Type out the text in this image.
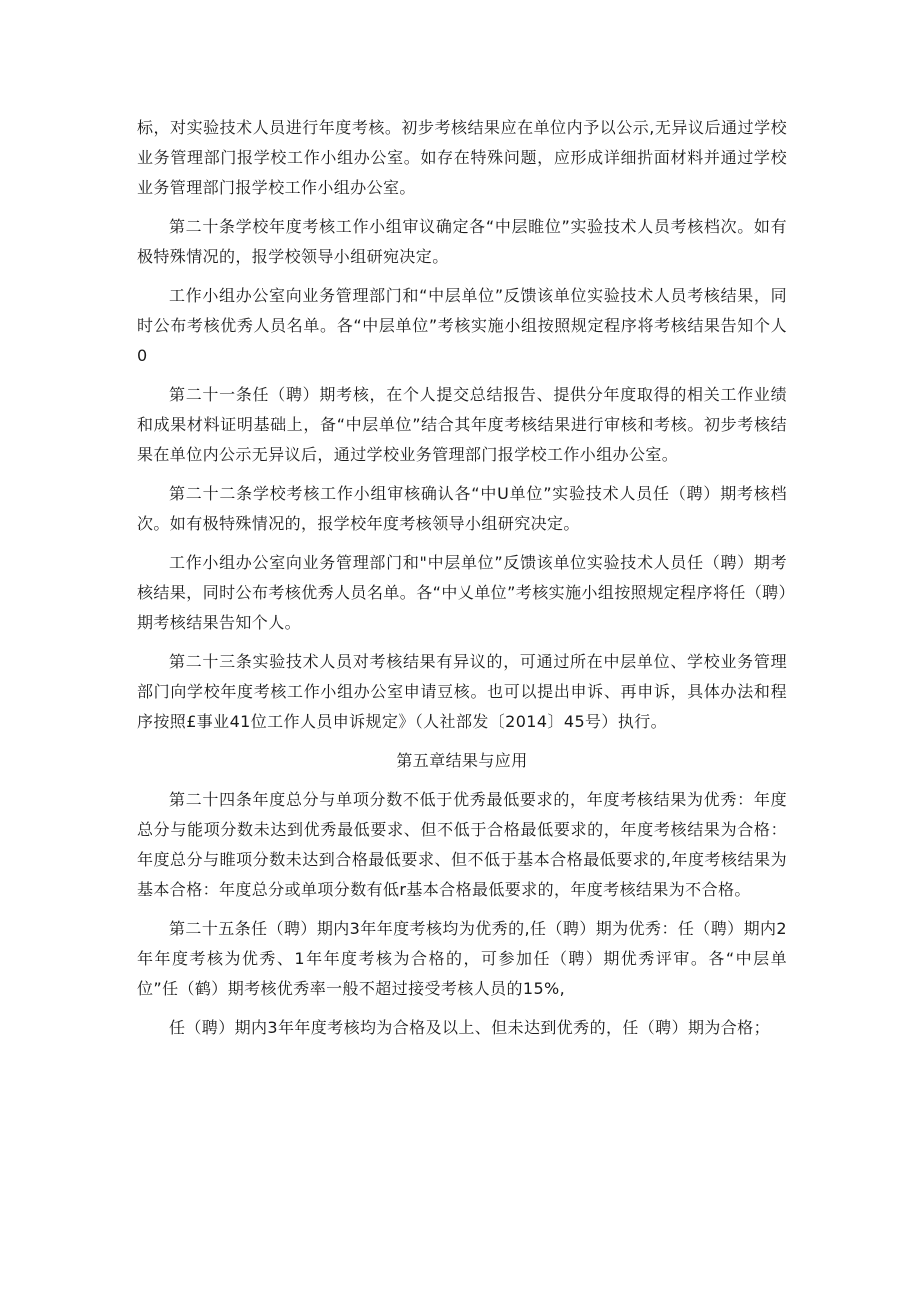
标，对实验技术人员进行年度考核。初步考核结果应在单位内予以公示,无异议后通过学校业务管理部门报学校工作小组办公室。如存在特殊问题，应形成详细扸面材料并通过学校业务管理部门报学校工作小组办公室。

第二十条学校年度考核工作小组审议确定各“中层睢位”实验技术人员考核档次。如有极特殊情况的，报学校领导小组研宛决定。

工作小组办公室向业务管理部门和“中层单位”反馈该单位实验技术人员考核结果，同时公布考核优秀人员名单。各“中层单位”考核实施小组按照规定程序将考核结果告知个人0

第二十一条任（聘）期考核，在个人提交总结报告、提供分年度取得的相关工作业绩和成果材料证明基础上，备“中层单位”结合其年度考核结果进行审核和考核。初步考核结果在单位内公示无异议后，通过学校业务管理部门报学校工作小组办公室。

第二十二条学校考核工作小组审核确认各“中U单位”实验技术人员任（聘）期考核档次。如有极特殊情况的，报学校年度考核领导小组研究决定。

工作小组办公室向业务管理部门和"中层单位”反馈该单位实验技术人员任（聘）期考核结果，同时公布考核优秀人员名单。各“中乂单位”考核实施小组按照规定程序将任（聘）期考核结果告知个人。

第二十三条实验技术人员对考核结果有异议的，可通过所在中层单位、学校业务管理部门向学校年度考核工作小组办公室申请豆核。也可以提出申诉、再申诉，具体办法和程序按照£事业41位工作人员申诉规定》（人社部发〔2014〕45号）执行。

第五章结果与应用

第二十四条年度总分与单项分数不低于优秀最低要求的，年度考核结果为优秀：年度总分与能项分数未达到优秀最低要求、但不低于合格最低要求的，年度考核结果为合格：年度总分与睢项分数未达到合格最低要求、但不低于基本合格最低要求的,年度考核结果为基本合格：年度总分或单项分数有低r基本合格最低要求的，年度考核结果为不合格。

第二十五条任（聘）期内3年年度考核均为优秀的,任（聘）期为优秀：任（聘）期内2年年度考核为优秀、1年年度考核为合格的，可参加任（聘）期优秀评审。各“中层单位”任（鹤）期考核优秀率一般不超过接受考核人员的15%,

任（聘）期内3年年度考核均为合格及以上、但未达到优秀的，任（聘）期为合格；
